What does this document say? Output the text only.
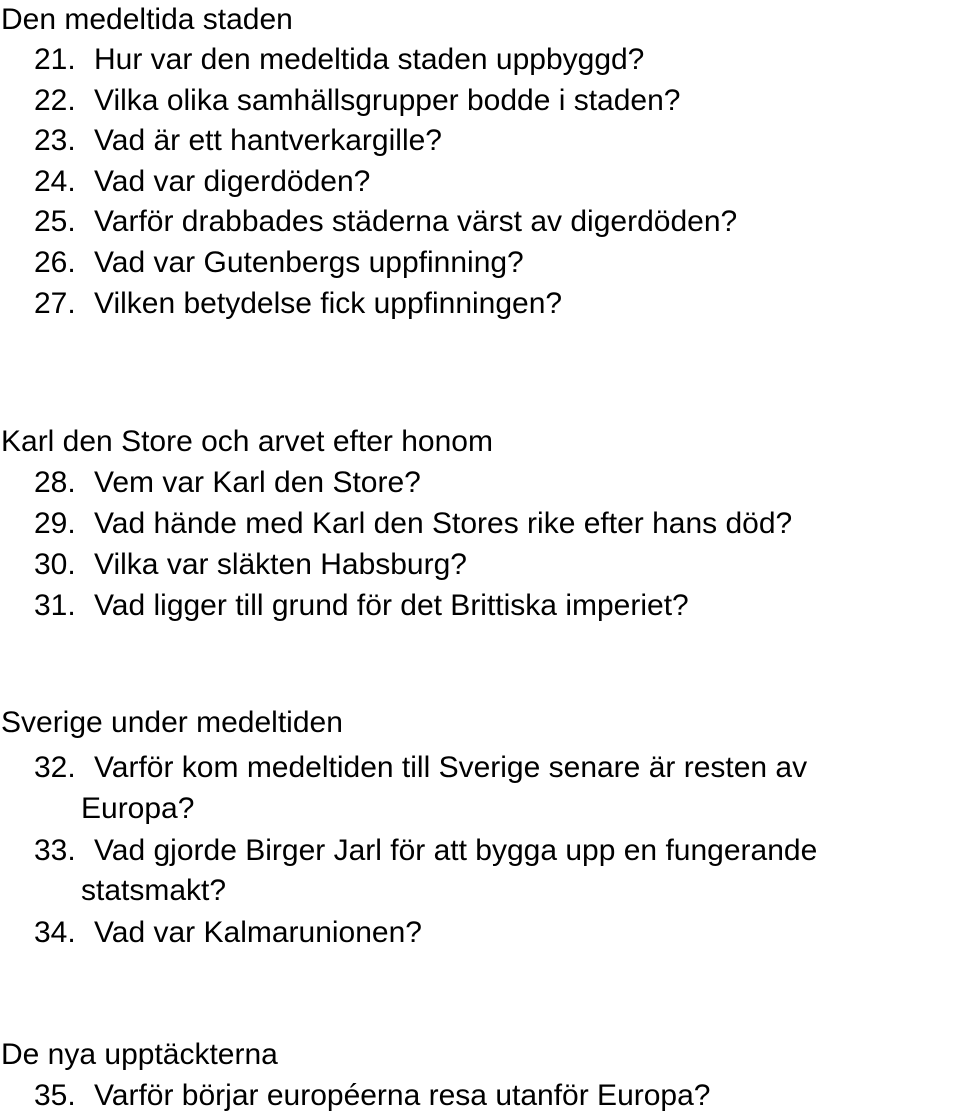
Den medeltida staden
21. Hur var den medeltida staden uppbyggd?
22. Vilka olika samhällsgrupper bodde i staden?
23. Vad är ett hantverkargille?
24. Vad var digerdöden?
25. Varför drabbades städerna värst av digerdöden?
26. Vad var Gutenbergs uppfinning?
27. Vilken betydelse fick uppfinningen?
Karl den Store och arvet efter honom
28. Vem var Karl den Store?
29. Vad hände med Karl den Stores rike efter hans död?
30. Vilka var släkten Habsburg?
31. Vad ligger till grund för det Brittiska imperiet?
Sverige under medeltiden
32. Varför kom medeltiden till Sverige senare är resten av
Europa?
33. Vad gjorde Birger Jarl för att bygga upp en fungerande
statsmakt?
34. Vad var Kalmarunionen?
De nya upptäckterna
35. Varför börjar européerna resa utanför Europa?
